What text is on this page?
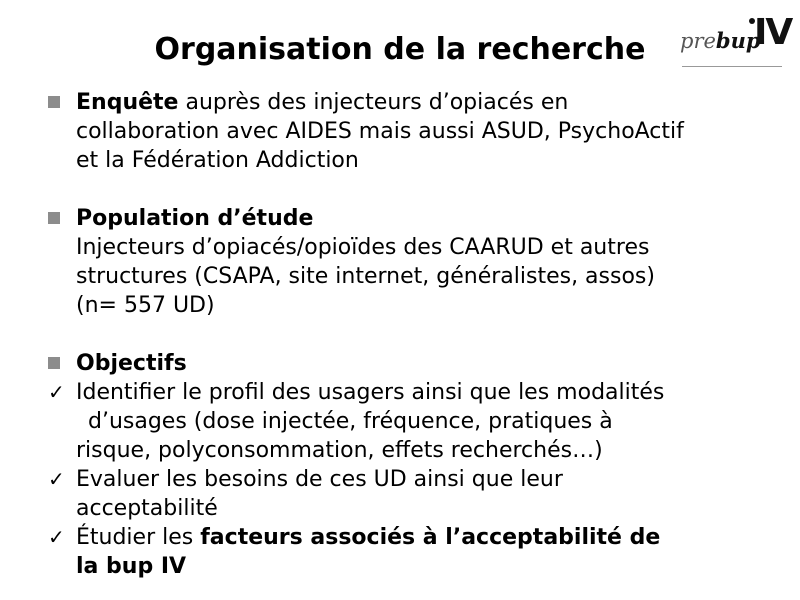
Organisation de la recherche	prebup
IV
Enquête auprès des injecteurs d’opiacés en
collaboration avec AIDES mais aussi ASUD, PsychoActif
et la Fédération Addiction
Population d’étude
Injecteurs d’opiacés/opioïdes des CAARUD et autres
structures (CSAPA, site internet, généralistes, assos)
(n= 557 UD)
Objectifs
✓ Identifier le profil des usagers ainsi que les modalités
d’usages (dose injectée, fréquence, pratiques à
risque, polyconsommation, effets recherchés…)
✓ Evaluer les besoins de ces UD ainsi que leur
acceptabilité
✓ Étudier les facteurs associés à l’acceptabilité de
la bup IV
